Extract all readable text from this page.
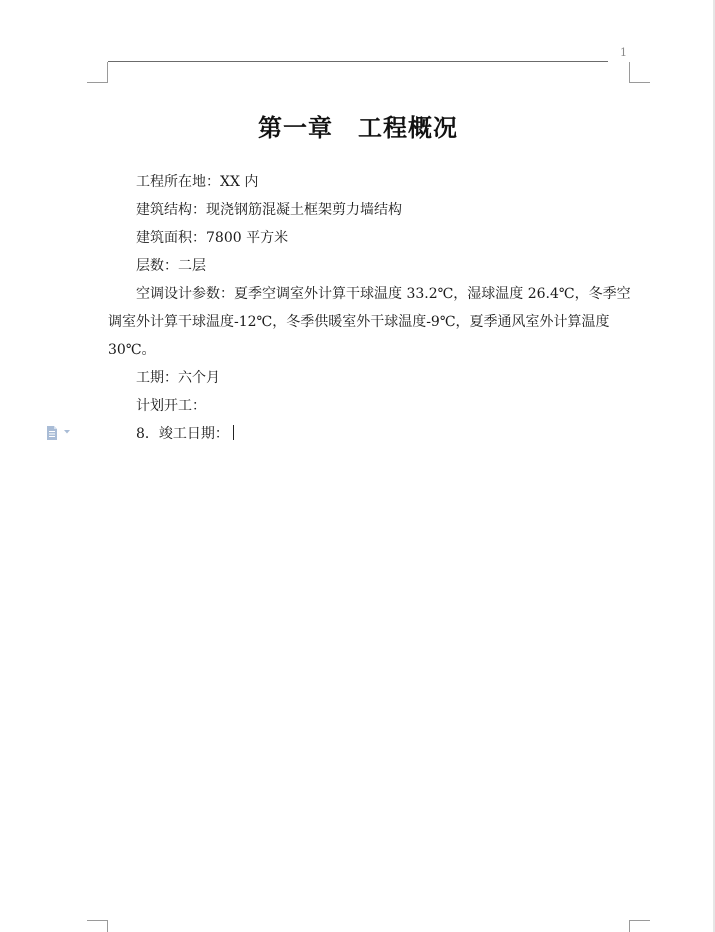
1
第一章　工程概况
工程所在地：XX 内
建筑结构：现浇钢筋混凝土框架剪力墙结构
建筑面积：7800 平方米
层数：二层
空调设计参数：夏季空调室外计算干球温度 33.2℃，湿球温度 26.4℃，冬季空
调室外计算干球温度-12℃，冬季供暖室外干球温度-9℃，夏季通风室外计算温度
30℃。
工期：六个月
计划开工：
8．竣工日期：
